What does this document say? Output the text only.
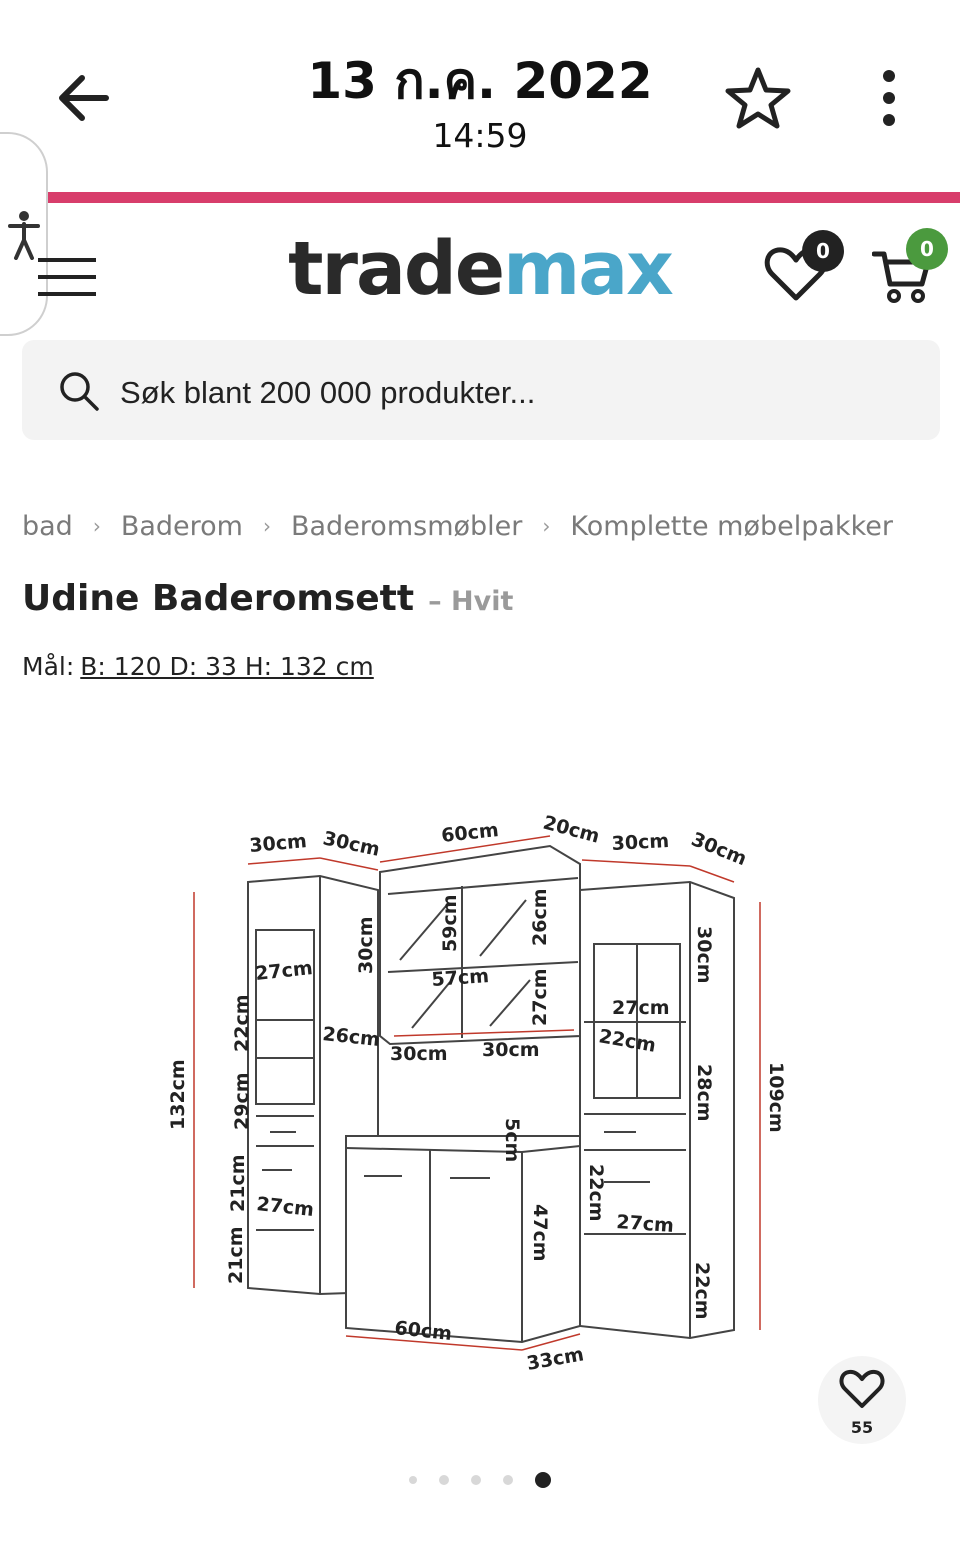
13 ก.ค. 2022
14:59
trademax	0	0
Søk blant 200 000 produkter...
bad › Baderom › Baderomsmøbler › Komplette møbelpakker
Udine Baderomsett – Hvit
Mål: B: 120 D: 33 H: 132 cm
30cm 30cm	60cm 20cm 30cm 30cm
132cm	109cm
27cm
22cm
29cm
21cm
21cm
27cm
30cm
26cm
59cm	26cm
57cm 27cm
30cm 30cm
5cm
47cm
60cm
33cm
30cm
27cm
22cm
28cm
22cm
27cm
22cm
55
